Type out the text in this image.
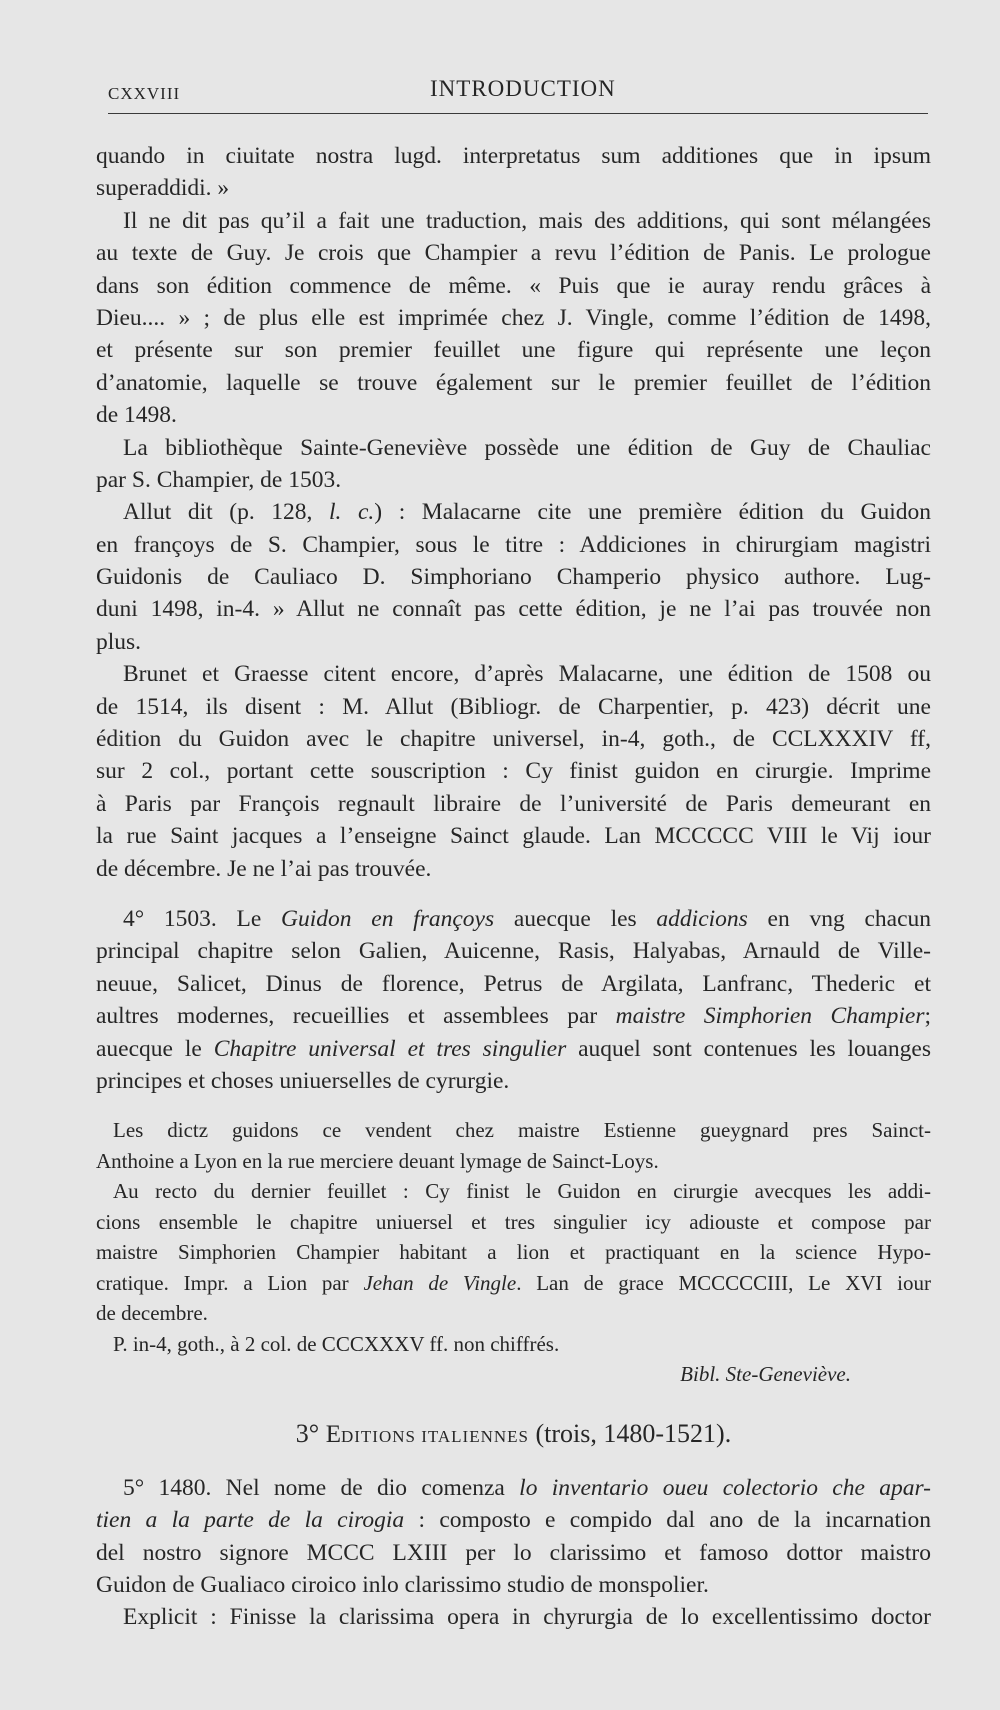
CXXVIII	INTRODUCTION
quando in ciuitate nostra lugd. interpretatus sum additiones que in ipsum
superaddidi. »
Il ne dit pas qu’il a fait une traduction, mais des additions, qui sont mélangées
au texte de Guy. Je crois que Champier a revu l’édition de Panis. Le prologue
dans son édition commence de même. « Puis que ie auray rendu grâces à
Dieu.... » ; de plus elle est imprimée chez J. Vingle, comme l’édition de 1498,
et présente sur son premier feuillet une figure qui représente une leçon
d’anatomie, laquelle se trouve également sur le premier feuillet de l’édition
de 1498.
La bibliothèque Sainte-Geneviève possède une édition de Guy de Chauliac
par S. Champier, de 1503.
Allut dit (p. 128, l. c.) : Malacarne cite une première édition du Guidon
en françoys de S. Champier, sous le titre : Addiciones in chirurgiam magistri
Guidonis de Cauliaco D. Simphoriano Champerio physico authore. Lug-
duni 1498, in-4. » Allut ne connaît pas cette édition, je ne l’ai pas trouvée non
plus.
Brunet et Graesse citent encore, d’après Malacarne, une édition de 1508 ou
de 1514, ils disent : M. Allut (Bibliogr. de Charpentier, p. 423) décrit une
édition du Guidon avec le chapitre universel, in-4, goth., de CCLXXXIV ff,
sur 2 col., portant cette souscription : Cy finist guidon en cirurgie. Imprime
à Paris par François regnault libraire de l’université de Paris demeurant en
la rue Saint jacques a l’enseigne Sainct glaude. Lan MCCCCC VIII le Vij iour
de décembre. Je ne l’ai pas trouvée.
4° 1503. Le Guidon en françoys auecque les addicions en vng chacun
principal chapitre selon Galien, Auicenne, Rasis, Halyabas, Arnauld de Ville-
neuue, Salicet, Dinus de florence, Petrus de Argilata, Lanfranc, Thederic et
aultres modernes, recueillies et assemblees par maistre Simphorien Champier;
auecque le Chapitre universal et tres singulier auquel sont contenues les louanges
principes et choses uniuerselles de cyrurgie.
Les dictz guidons ce vendent chez maistre Estienne gueygnard pres Sainct-
Anthoine a Lyon en la rue merciere deuant lymage de Sainct-Loys.
Au recto du dernier feuillet : Cy finist le Guidon en cirurgie avecques les addi-
cions ensemble le chapitre uniuersel et tres singulier icy adiouste et compose par
maistre Simphorien Champier habitant a lion et practiquant en la science Hypo-
cratique. Impr. a Lion par Jehan de Vingle. Lan de grace MCCCCCIII, Le XVI iour
de decembre.
P. in-4, goth., à 2 col. de CCCXXXV ff. non chiffrés.
Bibl. Ste-Geneviève.
3° EDITIONS ITALIENNES (trois, 1480-1521).
5° 1480. Nel nome de dio comenza lo inventario oueu colectorio che apar-
tien a la parte de la cirogia : composto e compido dal ano de la incarnation
del nostro signore MCCC LXIII per lo clarissimo et famoso dottor maistro
Guidon de Gualiaco ciroico inlo clarissimo studio de monspolier.
Explicit : Finisse la clarissima opera in chyrurgia de lo excellentissimo doctor
